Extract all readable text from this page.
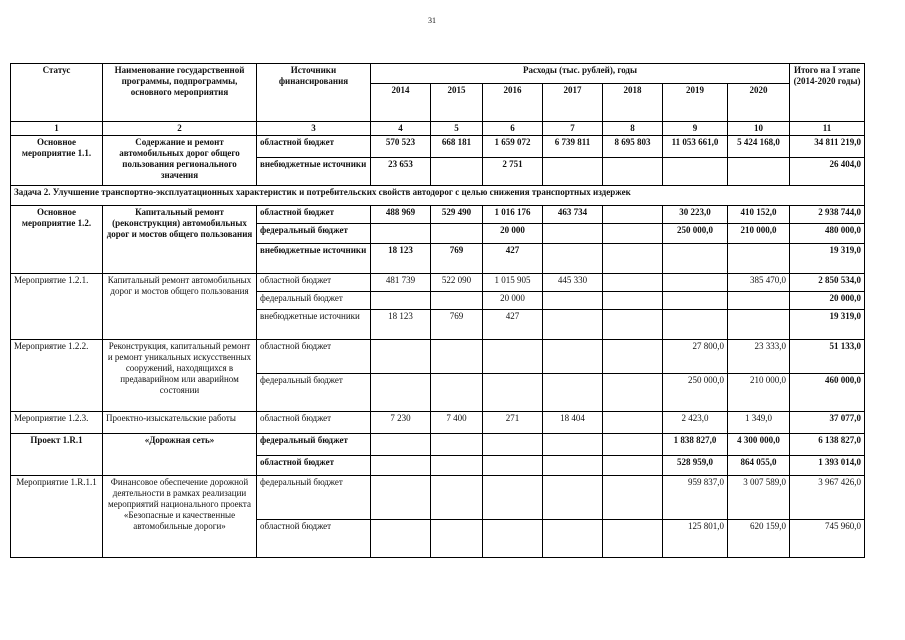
31
Статус	Наименование государственной программы, подпрограммы, основного мероприятия	Источники финансирования	Расходы (тыс. рублей), годы							Итого на I этапе (2014-2020 годы)
			2014	2015	2016	2017	2018	2019	2020	
1	2	3	4	5	6	7	8	9	10	11
Основное мероприятие 1.1.	Содержание и ремонт автомобильных дорог общего пользования регионального значения	областной бюджет	570 523	668 181	1 659 072	6 739 811	8 695 803	11 053 661,0	5 424 168,0	34 811 219,0
		внебюджетные источники	23 653		2 751					26 404,0
Задача 2. Улучшение транспортно-эксплуатационных характеристик и потребительских свойств автодорог с целью снижения транспортных издержек										
Основное мероприятие 1.2.	Капитальный ремонт (реконструкция) автомобильных дорог и мостов общего пользования	областной бюджет	488 969	529 490	1 016 176	463 734		30 223,0	410 152,0	2 938 744,0
		федеральный бюджет			20 000			250 000,0	210 000,0	480 000,0
		внебюджетные источники	18 123	769	427					19 319,0
Мероприятие 1.2.1.	Капитальный ремонт автомобильных дорог и мостов общего пользования	областной бюджет	481 739	522 090	1 015 905	445 330			385 470,0	2 850 534,0
		федеральный бюджет			20 000					20 000,0
		внебюджетные источники	18 123	769	427					19 319,0
Мероприятие 1.2.2.	Реконструкция, капитальный ремонт и ремонт уникальных искусственных сооружений, находящихся в предаварийном или аварийном состоянии	областной бюджет						27 800,0	23 333,0	51 133,0
		федеральный бюджет						250 000,0	210 000,0	460 000,0
Мероприятие 1.2.3.	Проектно-изыскательские работы	областной бюджет	7 230	7 400	271	18 404		2 423,0	1 349,0	37 077,0
Проект 1.R.1	«Дорожная сеть»	федеральный бюджет						1 838 827,0	4 300 000,0	6 138 827,0
		областной бюджет						528 959,0	864 055,0	1 393 014,0
Мероприятие 1.R.1.1	Финансовое обеспечение дорожной деятельности в рамках реализации мероприятий национального проекта «Безопасные и качественные автомобильные дороги»	федеральный бюджет						959 837,0	3 007 589,0	3 967 426,0
		областной бюджет						125 801,0	620 159,0	745 960,0
